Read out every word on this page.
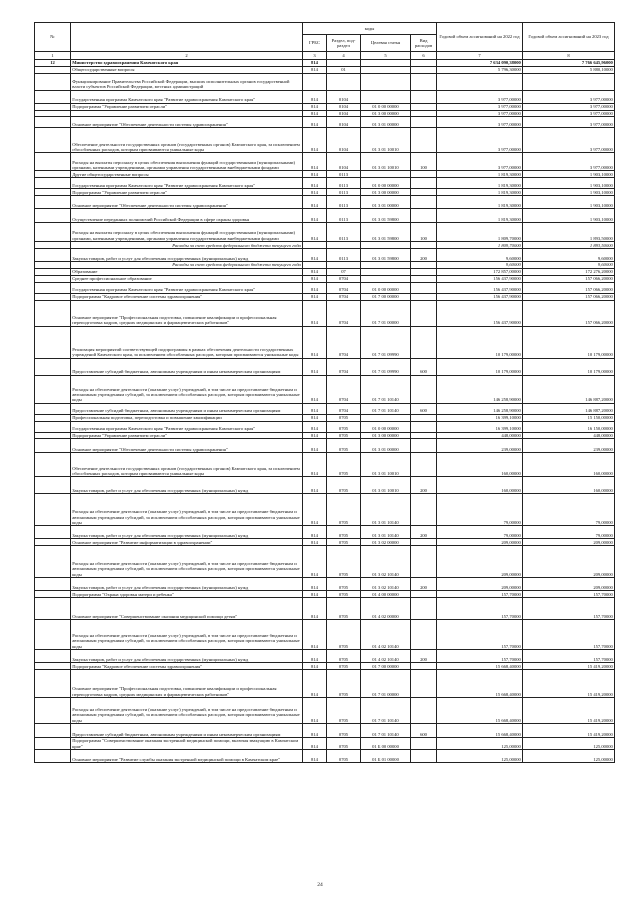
№		коды				Годовой объем ассигнований на 2022 год	Годовой объем ассигнований на 2023 год
		ГРБС	Раздел, под- раздел	Целевая статья	Вид расходов		
1	2	3	4	5	6	7	8
12	Министерство здравоохранения Камчатского края	814				7 634 090,38000	7 766 645,96000
	Общегосударственные вопросы	814	01			5 796,30000	5 880,10000
	Функционирование Правительства Российской Федерации, высших исполнительных органов государственной власти субъектов Российской Федерации, местных администраций						
	Государственная программа Камчатского края "Развитие здравоохранения Камчатского края"	814	0104			3 977,00000	3 977,00000
	Подпрограмма "Управление развитием отрасли"	814	0104	01 0 00 00000		3 977,00000	3 977,00000
		814	0104	01 3 00 00000		3 977,00000	3 977,00000
	Основное мероприятие "Обеспечение деятельности системы здравоохранения"	814	0104	01 3 01 00000		3 977,00000	3 977,00000
	Обеспечение деятельности государственных органов (государственных органов) Камчатского края, за исключением обособленных расходов, которым присваиваются уникальные коды	814	0104	01 3 01 10010		3 977,00000	3 977,00000
	Расходы на выплаты персоналу в целях обеспечения выполнения функций государственными (муниципальными) органами, казенными учреждениями, органами управления государственными внебюджетными фондами	814	0104	01 3 01 10010	100	3 977,00000	3 977,00000
	Другие общегосударственные вопросы	814	0113			1 819,30000	1 903,10000
	Государственная программа Камчатского края "Развитие здравоохранения Камчатского края"	814	0113	01 0 00 00000		1 819,30000	1 903,10000
	Подпрограмма "Управление развитием отрасли"	814	0113	01 3 00 00000		1 819,30000	1 903,10000
	Основное мероприятие "Обеспечение деятельности системы здравоохранения"	814	0113	01 3 01 00000		1 819,30000	1 903,10000
	Осуществление переданных полномочий Российской Федерации в сфере охраны здоровья	814	0113	01 3 01 59800		1 819,30000	1 903,10000
	Расходы на выплаты персоналу в целях обеспечения выполнения функций государственными (муниципальными) органами, казенными учреждениями, органами управления государственными внебюджетными фондами	814	0113	01 3 01 59800	100	1 809,70000	1 893,50000
	Расходы за счет средств федерального бюджета текущего года					1 809,70000	1 893,50000
	Закупка товаров, работ и услуг для обеспечения государственных (муниципальных) нужд	814	0113	01 3 01 59800	200	9,60000	9,60000
	Расходы за счет средств федерального бюджета текущего года					9,60000	9,60000
	Образование	814	07			172 857,00000	172 276,20000
	Среднее профессиональное образование	814	0704			156 437,90000	157 066,20000
	Государственная программа Камчатского края "Развитие здравоохранения Камчатского края"	814	0704	01 0 00 00000		156 437,90000	157 066,20000
	Подпрограмма "Кадровое обеспечение системы здравоохранения"	814	0704	01 7 00 00000		156 437,90000	157 066,20000
	Основное мероприятие "Профессиональная подготовка, повышение квалификации и профессиональная переподготовка кадров, средних медицинских и фармацевтических работников"	814	0704	01 7 01 00000		156 437,90000	157 066,20000
	Реализация мероприятий соответствующей подпрограммы в рамках обеспечения деятельности государственных учреждений Камчатского края, за исключением обособленных расходов, которым присваиваются уникальные коды	814	0704	01 7 01 09990		10 179,00000	10 179,00000
	Предоставление субсидий бюджетным, автономным учреждениям и иным некоммерческим организациям	814	0704	01 7 01 09990	600	10 179,00000	10 179,00000
	Расходы на обеспечение деятельности (оказание услуг) учреждений, в том числе на предоставление бюджетным и автономным учреждениям субсидий, за исключением обособленных расходов, которым присваиваются уникальные коды	814	0704	01 7 01 10140		146 258,90000	146 887,20000
	Предоставление субсидий бюджетным, автономным учреждениям и иным некоммерческим организациям	814	0704	01 7 01 10140	600	146 258,90000	146 887,20000
	Профессиональная подготовка, переподготовка и повышение квалификации	814	0705			16 399,10000	15 150,00000
	Государственная программа Камчатского края "Развитие здравоохранения Камчатского края"	814	0705	01 0 00 00000		16 399,10000	16 150,00000
	Подпрограмма "Управление развитием отрасли"	814	0705	01 3 00 00000		448,00000	448,00000
	Основное мероприятие "Обеспечение деятельности системы здравоохранения"	814	0705	01 3 01 00000		239,00000	239,00000
	Обеспечение деятельности государственных органов (государственных органов) Камчатского края, за исключением обособленных расходов, которым присваиваются уникальные коды	814	0705	01 3 01 10010		160,00000	160,00000
	Закупка товаров, работ и услуг для обеспечения государственных (муниципальных) нужд	814	0705	01 3 01 10010	200	160,00000	160,00000
	Расходы на обеспечение деятельности (оказание услуг) учреждений, в том числе на предоставление бюджетным и автономным учреждениям субсидий, за исключением обособленных расходов, которым присваиваются уникальные коды	814	0705	01 3 01 10140		79,00000	79,00000
	Закупка товаров, работ и услуг для обеспечения государственных (муниципальных) нужд	814	0705	01 3 01 10140	200	79,00000	79,00000
	Основное мероприятие "Развитие информатизации в здравоохранении"	814	0705	01 3 02 00000		209,00000	209,00000
	Расходы на обеспечение деятельности (оказание услуг) учреждений, в том числе на предоставление бюджетным и автономным учреждениям субсидий, за исключением обособленных расходов, которым присваиваются уникальные коды	814	0705	01 3 02 10140		209,00000	209,00000
	Закупка товаров, работ и услуг для обеспечения государственных (муниципальных) нужд	814	0705	01 3 02 10140	200	209,00000	209,00000
	Подпрограмма "Охрана здоровья матери и ребенка"	814	0705	01 4 00 00000		157,70000	157,70000
	Основное мероприятие "Совершенствование оказания медицинской помощи детям"	814	0705	01 4 02 00000		157,70000	157,70000
	Расходы на обеспечение деятельности (оказание услуг) учреждений, в том числе на предоставление бюджетным и автономным учреждениям субсидий, за исключением обособленных расходов, которым присваиваются уникальные коды	814	0705	01 4 02 10140		157,70000	157,70000
	Закупка товаров, работ и услуг для обеспечения государственных (муниципальных) нужд	814	0705	01 4 02 10140	200	157,70000	157,70000
	Подпрограмма "Кадровое обеспечение системы здравоохранения"	814	0705	01 7 00 00000		15 668,40000	15 419,20000
	Основное мероприятие "Профессиональная подготовка, повышение квалификации и профессиональная переподготовка кадров, средних медицинских и фармацевтических работников"	814	0705	01 7 01 00000		15 668,40000	15 419,20000
	Расходы на обеспечение деятельности (оказание услуг) учреждений, в том числе на предоставление бюджетным и автономным учреждениям субсидий, за исключением обособленных расходов, которым присваиваются уникальные коды	814	0705	01 7 01 10140		15 668,40000	15 419,20000
	Предоставление субсидий бюджетным, автономным учреждениям и иным некоммерческим организациям	814	0705	01 7 01 10140	600	15 668,40000	15 419,20000
	Подпрограмма "Совершенствование оказания экстренной медицинской помощи, включая эвакуацию в Камчатском крае"	814	0705	01 Б 00 00000		125,00000	125,00000
	Основное мероприятие "Развитие службы оказания экстренной медицинской помощи в Камчатском крае"	814	0705	01 Б 01 00000		125,00000	125,00000
24
